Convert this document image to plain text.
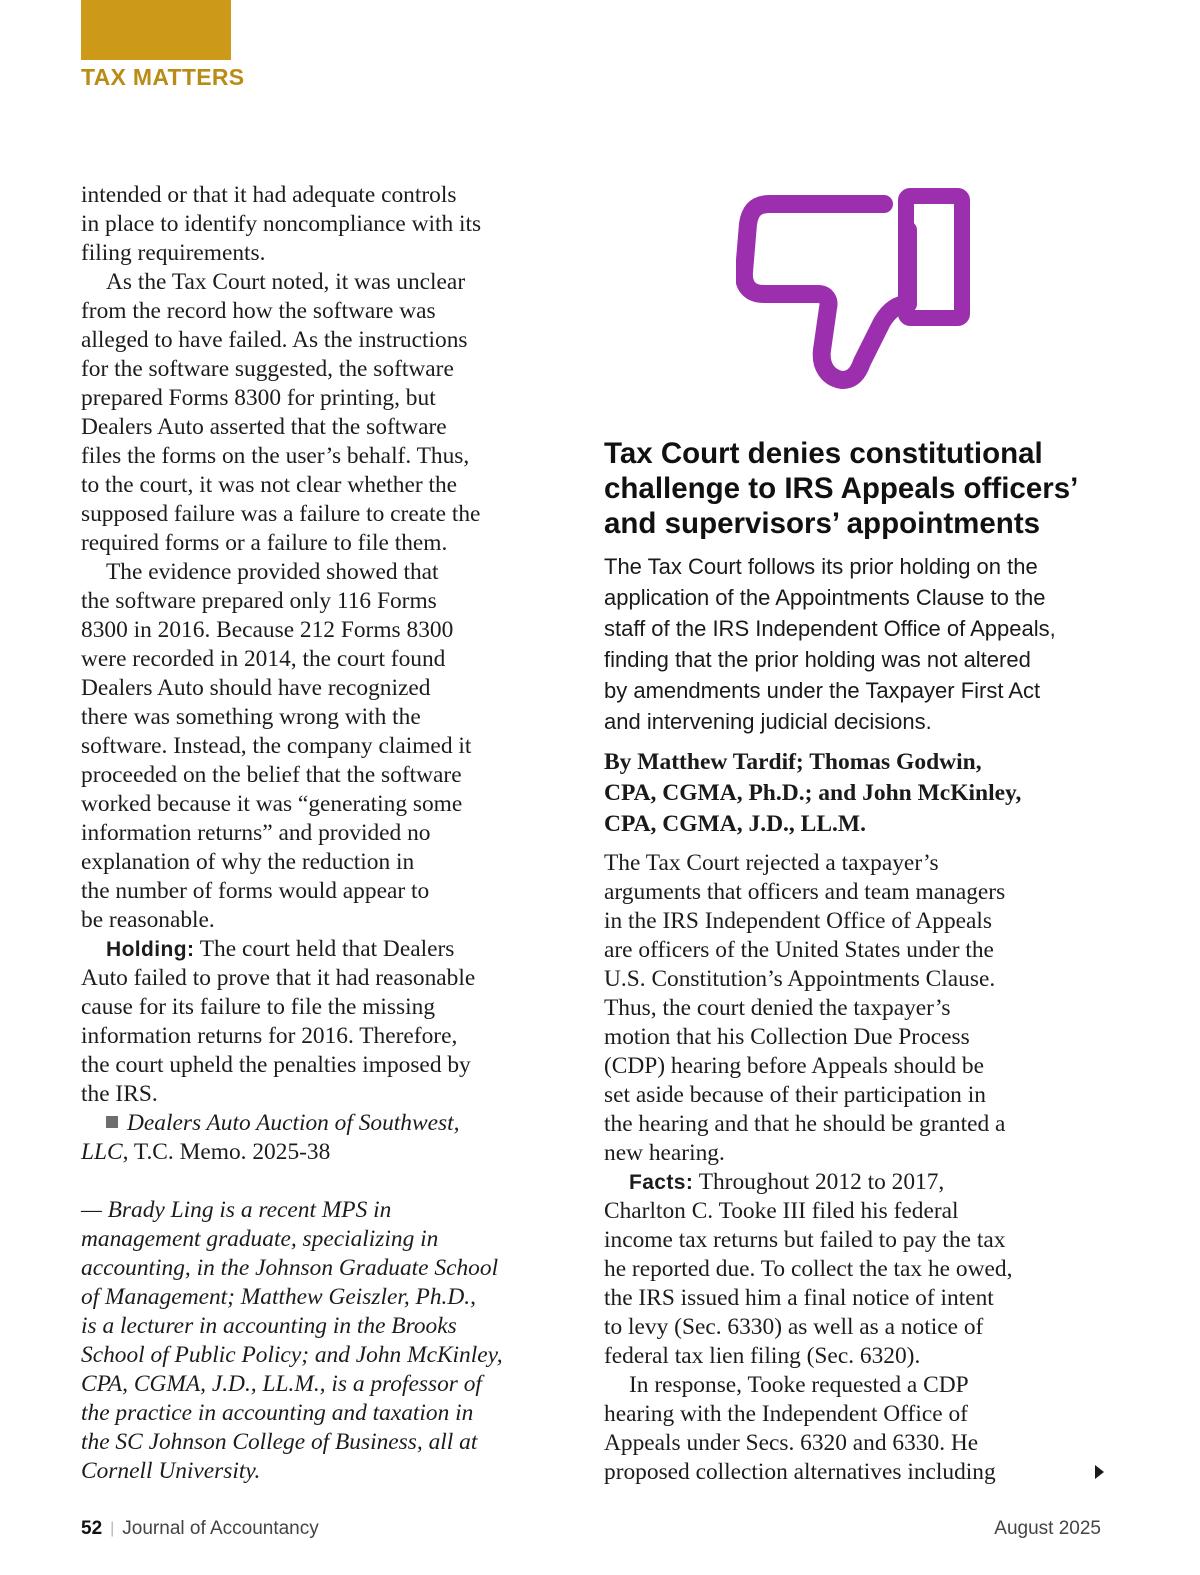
TAX MATTERS
intended or that it had adequate controls
in place to identify noncompliance with its
filing requirements.
As the Tax Court noted, it was unclear
from the record how the software was
alleged to have failed. As the instructions
for the software suggested, the software
prepared Forms 8300 for printing, but
Dealers Auto asserted that the software
files the forms on the user’s behalf. Thus,
to the court, it was not clear whether the
supposed failure was a failure to create the
required forms or a failure to file them.
The evidence provided showed that
the software prepared only 116 Forms
8300 in 2016. Because 212 Forms 8300
were recorded in 2014, the court found
Dealers Auto should have recognized
there was something wrong with the
software. Instead, the company claimed it
proceeded on the belief that the software
worked because it was “generating some
information returns” and provided no
explanation of why the reduction in
the number of forms would appear to
be reasonable.
Holding: The court held that Dealers
Auto failed to prove that it had reasonable
cause for its failure to file the missing
information returns for 2016. Therefore,
the court upheld the penalties imposed by
the IRS.
Dealers Auto Auction of Southwest,
LLC, T.C. Memo. 2025-38
— Brady Ling is a recent MPS in
management graduate, specializing in
accounting, in the Johnson Graduate School
of Management; Matthew Geiszler, Ph.D.,
is a lecturer in accounting in the Brooks
School of Public Policy; and John McKinley,
CPA, CGMA, J.D., LL.M., is a professor of
the practice in accounting and taxation in
the SC Johnson College of Business, all at
Cornell University.
Tax Court denies constitutional
challenge to IRS Appeals officers’
and supervisors’ appointments
The Tax Court follows its prior holding on the
application of the Appointments Clause to the
staff of the IRS Independent Office of Appeals,
finding that the prior holding was not altered
by amendments under the Taxpayer First Act
and intervening judicial decisions.
By Matthew Tardif; Thomas Godwin,
CPA, CGMA, Ph.D.; and John McKinley,
CPA, CGMA, J.D., LL.M.
The Tax Court rejected a taxpayer’s
arguments that officers and team managers
in the IRS Independent Office of Appeals
are officers of the United States under the
U.S. Constitution’s Appointments Clause.
Thus, the court denied the taxpayer’s
motion that his Collection Due Process
(CDP) hearing before Appeals should be
set aside because of their participation in
the hearing and that he should be granted a
new hearing.
Facts: Throughout 2012 to 2017,
Charlton C. Tooke III filed his federal
income tax returns but failed to pay the tax
he reported due. To collect the tax he owed,
the IRS issued him a final notice of intent
to levy (Sec. 6330) as well as a notice of
federal tax lien filing (Sec. 6320).
In response, Tooke requested a CDP
hearing with the Independent Office of
Appeals under Secs. 6320 and 6330. He
proposed collection alternatives including
52 | Journal of Accountancy	August 2025
